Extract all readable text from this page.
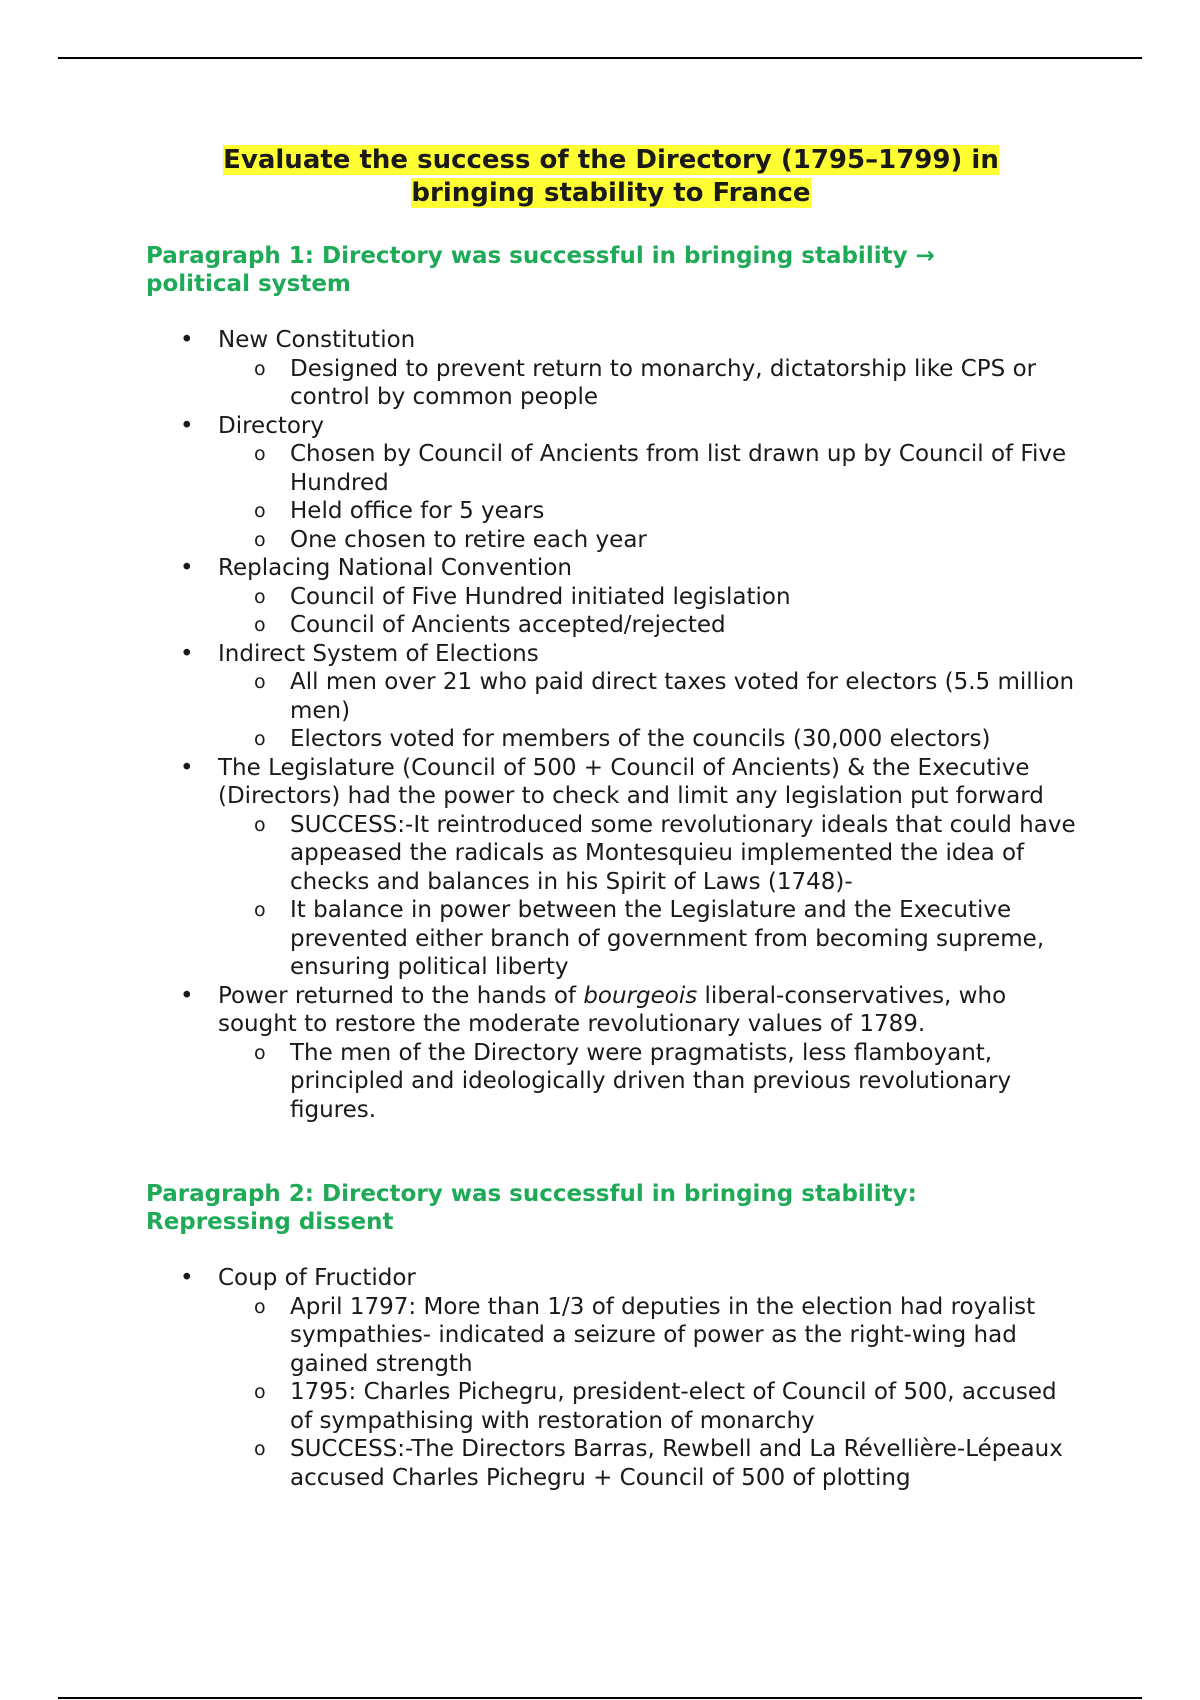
Evaluate the success of the Directory (1795–1799) in
bringing stability to France
Paragraph 1: Directory was successful in bringing stability →
political system
• New Constitution
o Designed to prevent return to monarchy, dictatorship like CPS or control by common people
• Directory
o Chosen by Council of Ancients from list drawn up by Council of Five Hundred
o Held office for 5 years
o One chosen to retire each year
• Replacing National Convention
o Council of Five Hundred initiated legislation
o Council of Ancients accepted/rejected
• Indirect System of Elections
o All men over 21 who paid direct taxes voted for electors (5.5 million men)
o Electors voted for members of the councils (30,000 electors)
• The Legislature (Council of 500 + Council of Ancients) & the Executive (Directors) had the power to check and limit any legislation put forward
o SUCCESS:-It reintroduced some revolutionary ideals that could have appeased the radicals as Montesquieu implemented the idea of checks and balances in his Spirit of Laws (1748)-
o It balance in power between the Legislature and the Executive prevented either branch of government from becoming supreme, ensuring political liberty
• Power returned to the hands of bourgeois liberal-conservatives, who sought to restore the moderate revolutionary values of 1789.
o The men of the Directory were pragmatists, less flamboyant, principled and ideologically driven than previous revolutionary figures.
Paragraph 2: Directory was successful in bringing stability:
Repressing dissent
• Coup of Fructidor
o April 1797: More than 1/3 of deputies in the election had royalist sympathies- indicated a seizure of power as the right-wing had gained strength
o 1795: Charles Pichegru, president-elect of Council of 500, accused of sympathising with restoration of monarchy
o SUCCESS:-The Directors Barras, Rewbell and La Révellière-Lépeaux accused Charles Pichegru + Council of 500 of plotting
